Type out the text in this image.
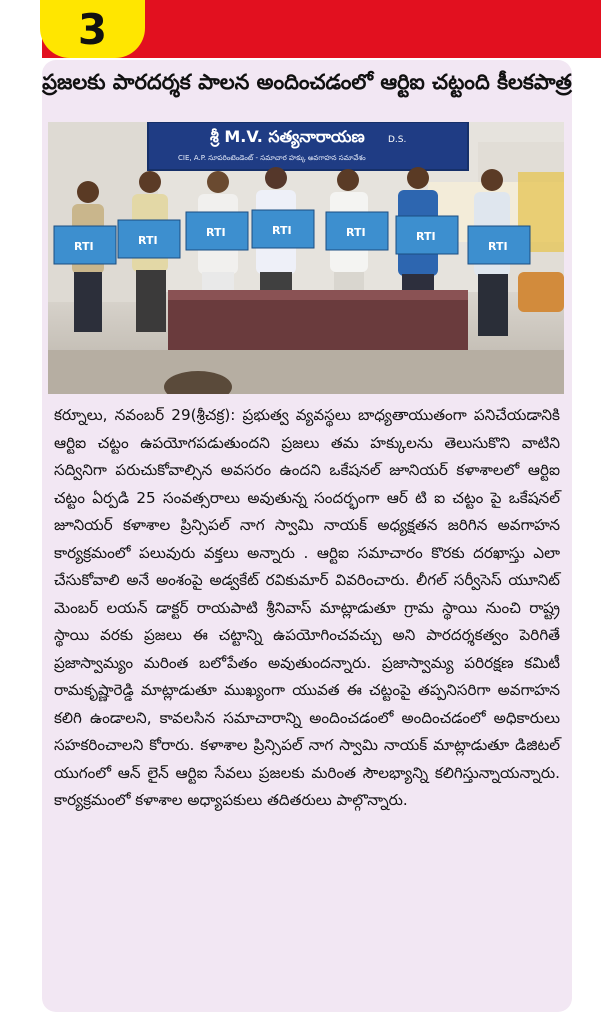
3
ప్రజలకు పారదర్శక పాలన అందించడంలో ఆర్టిఐ చట్టంది కీలకపాత్ర
శ్రీ M.V. సత్యనారాయణ	D.S.
CIE, A.P. సూపరింటెండెంట్ - సమాచార హక్కు అవగాహన సమావేశం
RTI	RTI
RTI	RTI	RTI	RTI
RTI
కర్నూలు, నవంబర్ 29(శ్రీచక్ర): ప్రభుత్వ వ్యవస్థలు బాధ్యతాయుతంగా పనిచేయడానికి ఆర్టిఐ చట్టం ఉపయోగపడుతుందని ప్రజలు తమ హక్కులను తెలుసుకొని వాటిని సద్వినిగా పరుచుకోవాల్సిన అవసరం ఉందని ఒకేషనల్ జూనియర్ కళాశాలలో ఆర్టిఐ చట్టం ఏర్పడి 25 సంవత్సరాలు అవుతున్న సందర్భంగా ఆర్ టి ఐ చట్టం పై ఒకేషనల్ జూనియర్ కళాశాల ప్రిన్సిపల్ నాగ స్వామి నాయక్ అధ్యక్షతన జరిగిన అవగాహన కార్యక్రమంలో పలువురు వక్తలు అన్నారు . ఆర్టిఐ సమాచారం కొరకు దరఖాస్తు ఎలా చేసుకోవాలి అనే అంశంపై అడ్వకేట్ రవికుమార్ వివరించారు. లీగల్ సర్వీసెస్ యూనిట్ మెంబర్ లయన్ డాక్టర్ రాయపాటి శ్రీనివాస్ మాట్లాడుతూ గ్రామ స్థాయి నుంచి రాష్ట్ర స్థాయి వరకు ప్రజలు ఈ చట్టాన్ని ఉపయోగించవచ్చు అని పారదర్శకత్వం పెరిగితే ప్రజాస్వామ్యం మరింత బలోపేతం అవుతుందన్నారు. ప్రజాస్వామ్య పరిరక్షణ కమిటీ రామకృష్ణారెడ్డి మాట్లాడుతూ ముఖ్యంగా యువత ఈ చట్టంపై తప్పనిసరిగా అవగాహన కలిగి ఉండాలని, కావలసిన సమాచారాన్ని అందించడంలో అందించడంలో అధికారులు సహకరించాలని కోరారు. కళాశాల ప్రిన్సిపల్ నాగ స్వామి నాయక్ మాట్లాడుతూ డిజిటల్ యుగంలో ఆన్ లైన్ ఆర్టిఐ సేవలు ప్రజలకు మరింత సౌలభ్యాన్ని కలిగిస్తున్నాయన్నారు. కార్యక్రమంలో కళాశాల అధ్యాపకులు తదితరులు పాల్గొన్నారు.
